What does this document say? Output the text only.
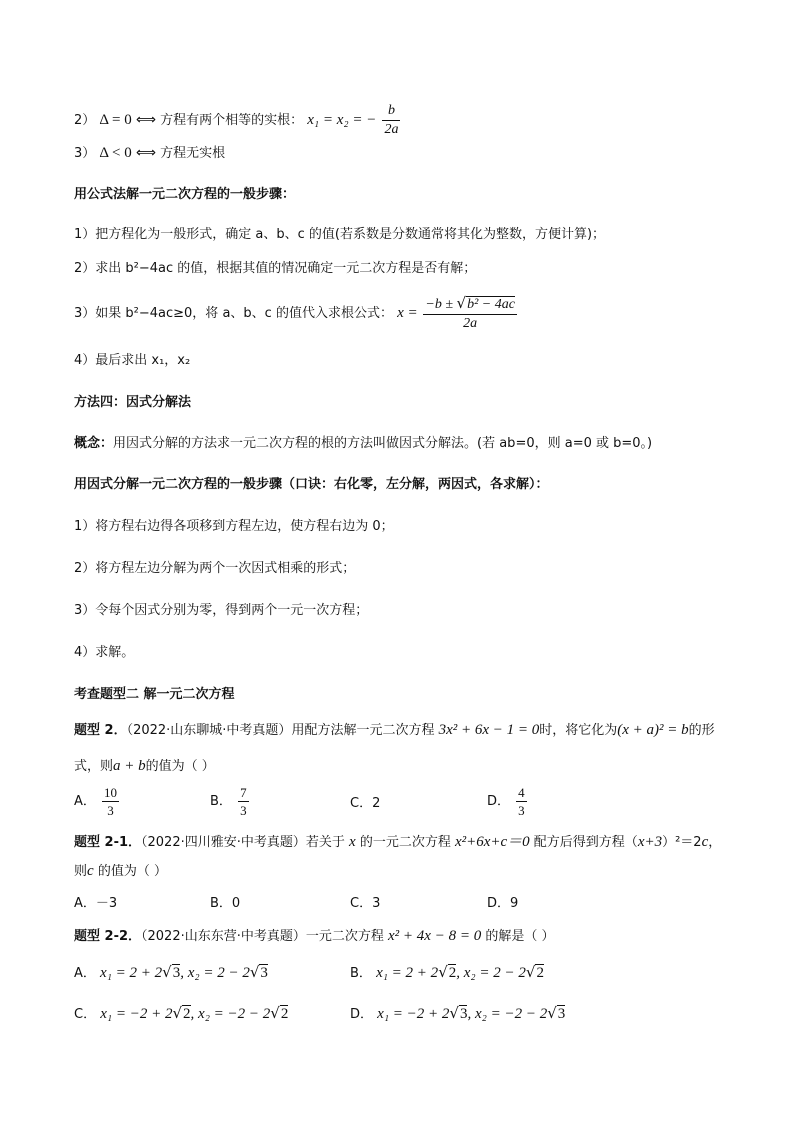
2） Δ = 0 ⟺ 方程有两个相等的实根： x₁ = x₂ = − $\frac{b}{2a}$
3） Δ < 0 ⟺ 方程无实根
用公式法解一元二次方程的一般步骤：
1）把方程化为一般形式，确定 a、b、c 的值(若系数是分数通常将其化为整数，方便计算)；
2）求出 b²−4ac 的值，根据其值的情况确定一元二次方程是否有解；
3）如果 b²−4ac≥0，将 a、b、c 的值代入求根公式： $x = \frac{\text{−b ± √b² − 4ac}}{2a}$
4）最后求出 x₁，x₂
方法四：因式分解法
概念：用因式分解的方法求一元二次方程的根的方法叫做因式分解法。(若 ab=0，则 a=0 或 b=0。)
用因式分解一元二次方程的一般步骤（口诀：右化零，左分解，两因式，各求解）：
1）将方程右边得各项移到方程左边，使方程右边为 0；
2）将方程左边分解为两个一次因式相乘的形式；
3）令每个因式分别为零，得到两个一元一次方程；
4）求解。
考查题型二 解一元二次方程
题型 2．（2022·山东聊城·中考真题）用配方法解一元二次方程 3x² + 6x − 1 = 0时，将它化为(x + a)² = b的形
式，则a + b的值为（ ）
A． $\frac{10}{3}$	B． $\frac{7}{3}$	C．2	D． $\frac{4}{3}$
题型 2-1．（2022·四川雅安·中考真题）若关于 x 的一元二次方程 x²+6x+c＝0 配方后得到方程（x+3）²＝2c，
则c 的值为（ ）
A．－3	B．0	C．3	D．9
题型 2-2．（2022·山东东营·中考真题）一元二次方程 x² + 4x − 8 = 0 的解是（ ）
A． x₁ = 2 + 2√3, x₂ = 2 − 2√3	B． x₁ = 2 + 2√2, x₂ = 2 − 2√2
C． x₁ = −2 + 2√2, x₂ = −2 − 2√2	D． x₁ = −2 + 2√3, x₂ = −2 − 2√3
